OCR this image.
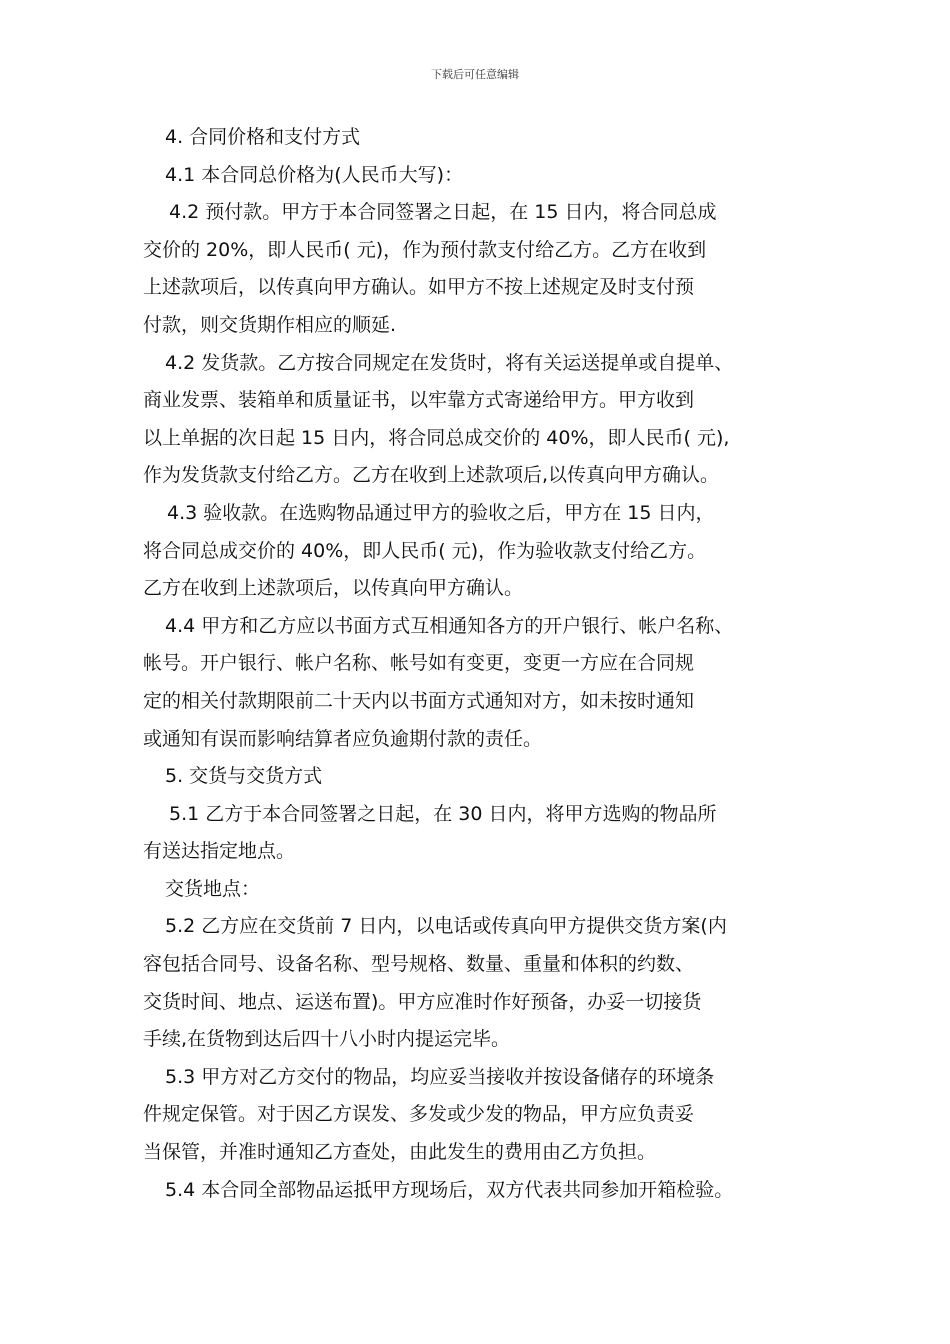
下载后可任意编辑
4. 合同价格和支付方式
4.1 本合同总价格为(人民币大写)：
4.2 预付款。甲方于本合同签署之日起，在 15 日内，将合同总成
交价的 20%，即人民币( 元)，作为预付款支付给乙方。乙方在收到
上述款项后，以传真向甲方确认。如甲方不按上述规定及时支付预
付款，则交货期作相应的顺延.
4.2 发货款。乙方按合同规定在发货时，将有关运送提单或自提单、
商业发票、装箱单和质量证书，以牢靠方式寄递给甲方。甲方收到
以上单据的次日起 15 日内，将合同总成交价的 40%，即人民币( 元),
作为发货款支付给乙方。乙方在收到上述款项后,以传真向甲方确认。
4.3 验收款。在选购物品通过甲方的验收之后，甲方在 15 日内，
将合同总成交价的 40%，即人民币( 元)，作为验收款支付给乙方。
乙方在收到上述款项后，以传真向甲方确认。
4.4 甲方和乙方应以书面方式互相通知各方的开户银行、帐户名称、
帐号。开户银行、帐户名称、帐号如有变更，变更一方应在合同规
定的相关付款期限前二十天内以书面方式通知对方，如未按时通知
或通知有误而影响结算者应负逾期付款的责任。
5. 交货与交货方式
5.1 乙方于本合同签署之日起，在 30 日内，将甲方选购的物品所
有送达指定地点。
交货地点：
5.2 乙方应在交货前 7 日内，以电话或传真向甲方提供交货方案(内
容包括合同号、设备名称、型号规格、数量、重量和体积的约数、
交货时间、地点、运送布置)。甲方应准时作好预备，办妥一切接货
手续,在货物到达后四十八小时内提运完毕。
5.3 甲方对乙方交付的物品，均应妥当接收并按设备储存的环境条
件规定保管。对于因乙方误发、多发或少发的物品，甲方应负责妥
当保管，并准时通知乙方查处，由此发生的费用由乙方负担。
5.4 本合同全部物品运抵甲方现场后，双方代表共同参加开箱检验。
